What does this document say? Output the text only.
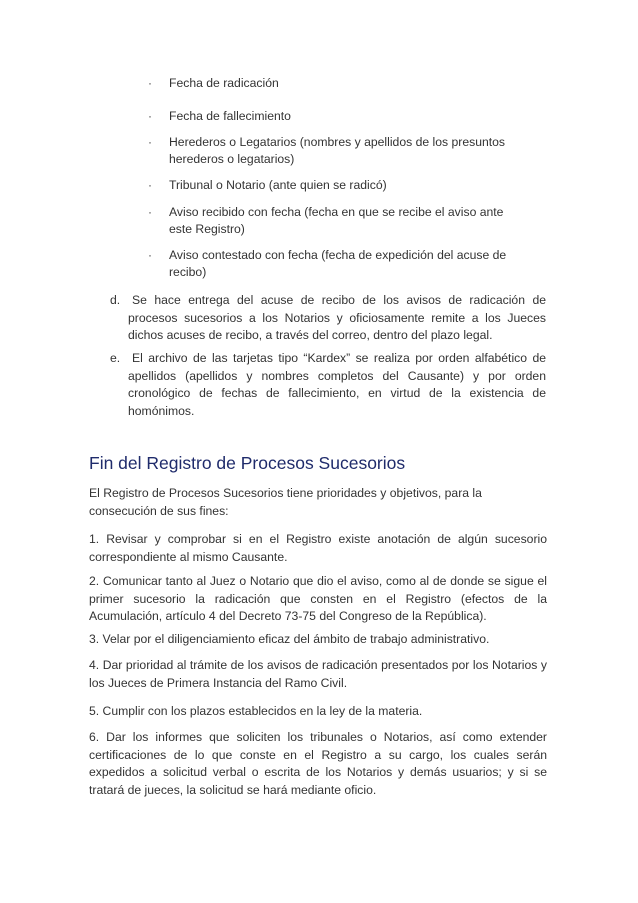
· Fecha de radicación
· Fecha de fallecimiento
· Herederos o Legatarios (nombres y apellidos de los presuntos herederos o legatarios)
· Tribunal o Notario (ante quien se radicó)
· Aviso recibido con fecha (fecha en que se recibe el aviso ante este Registro)
· Aviso contestado con fecha (fecha de expedición del acuse de recibo)
d. Se hace entrega del acuse de recibo de los avisos de radicación de procesos sucesorios a los Notarios y oficiosamente remite a los Jueces dichos acuses de recibo, a través del correo, dentro del plazo legal.
e. El archivo de las tarjetas tipo “Kardex” se realiza por orden alfabético de apellidos (apellidos y nombres completos del Causante) y por orden cronológico de fechas de fallecimiento, en virtud de la existencia de homónimos.
Fin del Registro de Procesos Sucesorios

El Registro de Procesos Sucesorios tiene prioridades y objetivos, para la consecución de sus fines:

1. Revisar y comprobar si en el Registro existe anotación de algún sucesorio correspondiente al mismo Causante.

2. Comunicar tanto al Juez o Notario que dio el aviso, como al de donde se sigue el primer sucesorio la radicación que consten en el Registro (efectos de la Acumulación, artículo 4 del Decreto 73-75 del Congreso de la República).

3. Velar por el diligenciamiento eficaz del ámbito de trabajo administrativo.

4. Dar prioridad al trámite de los avisos de radicación presentados por los Notarios y los Jueces de Primera Instancia del Ramo Civil.

5. Cumplir con los plazos establecidos en la ley de la materia.

6. Dar los informes que soliciten los tribunales o Notarios, así como extender certificaciones de lo que conste en el Registro a su cargo, los cuales serán expedidos a solicitud verbal o escrita de los Notarios y demás usuarios; y si se tratará de jueces, la solicitud se hará mediante oficio.
